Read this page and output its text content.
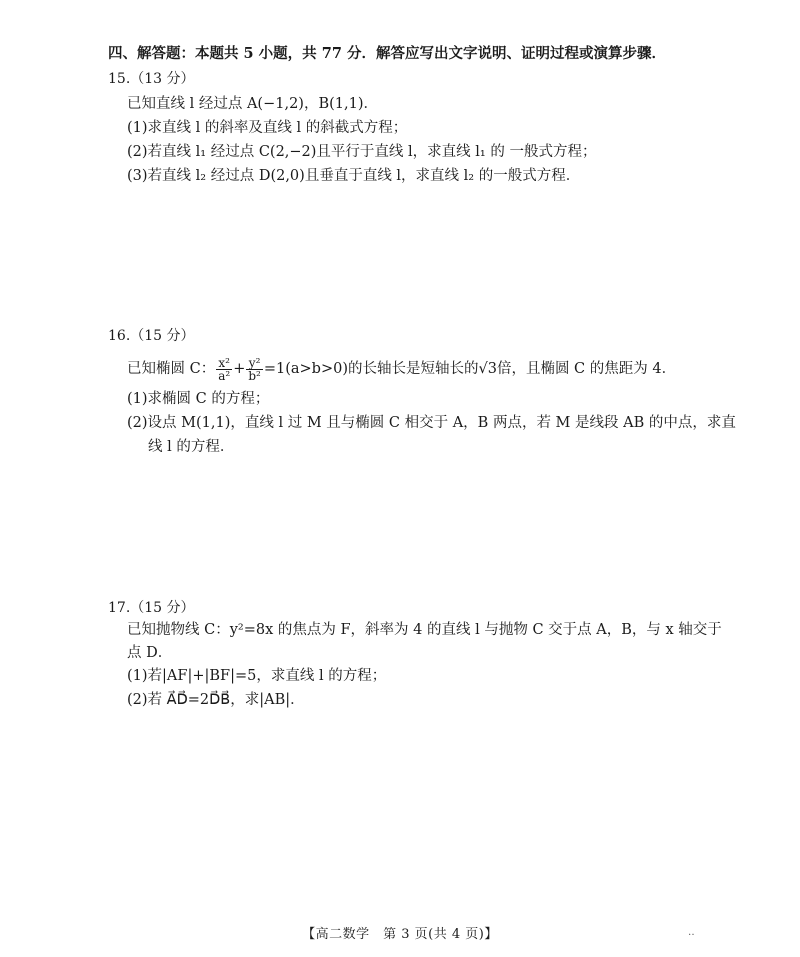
四、解答题：本题共 5 小题，共 77 分．解答应写出文字说明、证明过程或演算步骤．
15.（13 分）
已知直线 l 经过点 A(−1,2)，B(1,1)．
(1)求直线 l 的斜率及直线 l 的斜截式方程；
(2)若直线 l₁ 经过点 C(2,−2)且平行于直线 l，求直线 l₁ 的 一般式方程；
(3)若直线 l₂ 经过点 D(2,0)且垂直于直线 l，求直线 l₂ 的一般式方程．
16.（15 分）
已知椭圆 C： $\frac{\text{x²}}{\text{a²}} + \frac{\text{y²}}{\text{b²}} =1(a>b>0)$的长轴长是短轴长的√3倍，且椭圆 C 的焦距为 4．
(1)求椭圆 C 的方程；
(2)设点 M(1,1)，直线 l 过 M 且与椭圆 C 相交于 A，B 两点，若 M 是线段 AB 的中点，求直
线 l 的方程．
17.（15 分）
已知抛物线 C：y²=8x 的焦点为 F，斜率为 4 的直线 l 与抛物 C 交于点 A，B，与 x 轴交于
点 D．
(1)若|AF|+|BF|=5，求直线 l 的方程；
(2)若 A⃗D⃗=2D⃗B⃗，求|AB|．
【高二数学　第 3 页(共 4 页)】	‥
